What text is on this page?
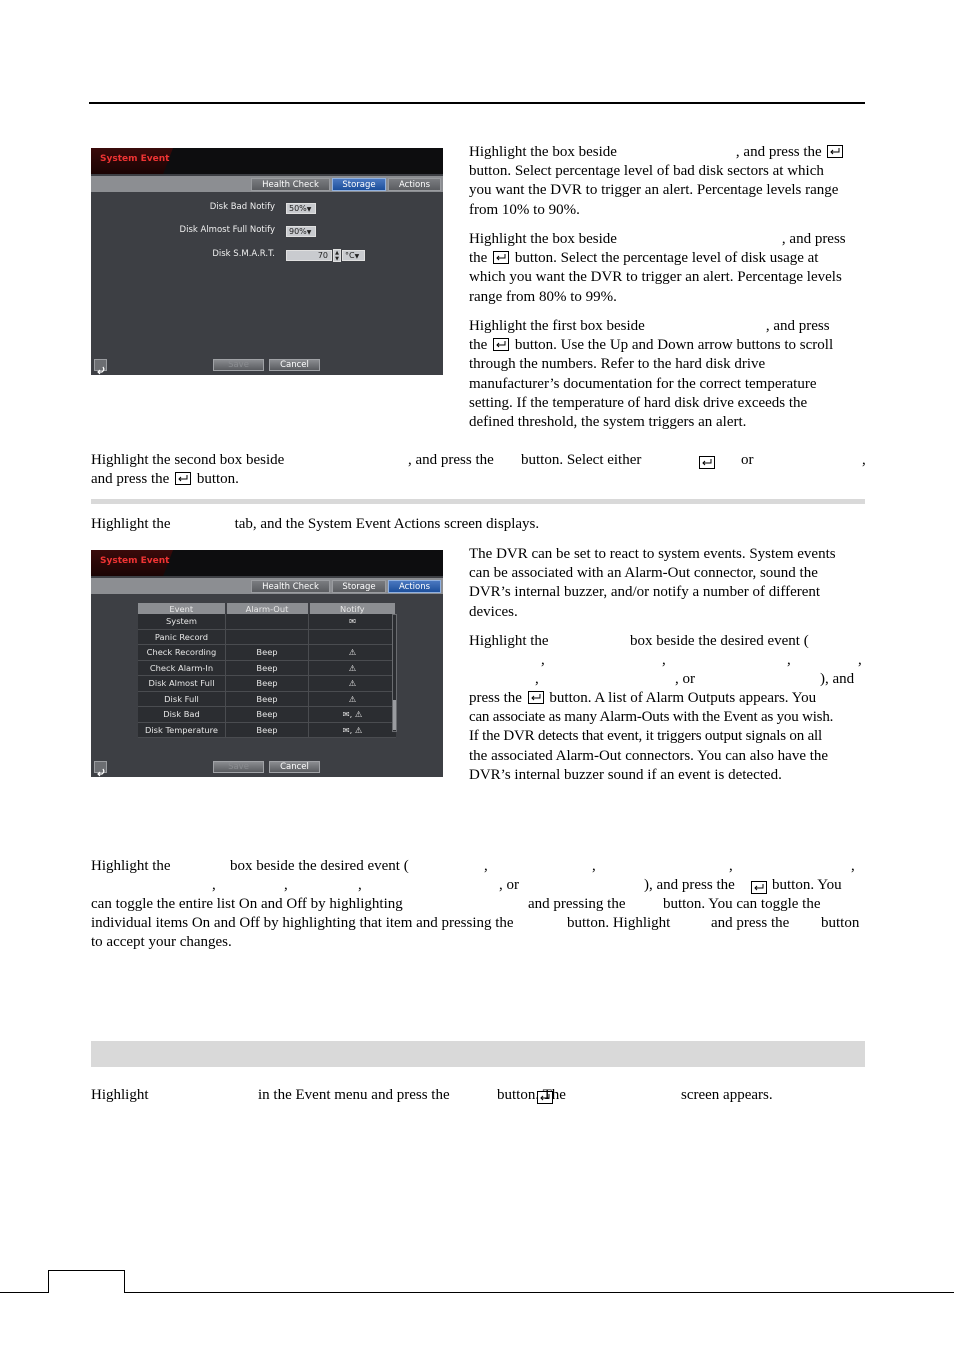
System Event
Health Check	Storage	Actions
Disk Bad Notify	50%▼
Disk Almost Full Notify	90%▼
Disk S.M.A.R.T.	70	▲
▼ °C▼
Save	Cancel
Highlight the box beside	, and press the
button. Select percentage level of bad disk sectors at which
you want the DVR to trigger an alert. Percentage levels range
from 10% to 90%.
Highlight the box beside	, and press
the button. Select the percentage level of disk usage at
which you want the DVR to trigger an alert. Percentage levels
range from 80% to 99%.
Highlight the first box beside	, and press
the button. Use the Up and Down arrow buttons to scroll
through the numbers. Refer to the hard disk drive
manufacturer’s documentation for the correct temperature
setting. If the temperature of hard disk drive exceeds the
defined threshold, the system triggers an alert.
Highlight the second box beside	, and press the button. Select either	or	,
and press the button.
Highlight the	tab, and the System Event Actions screen displays.
System Event
Health Check	Storage	Actions
Event	Alarm-Out	Notify
System		✉
Panic Record		
Check Recording	Beep	⚠
Check Alarm-In	Beep	⚠
Disk Almost Full	Beep	⚠
Disk Full	Beep	⚠
Disk Bad	Beep	✉, ⚠
Disk Temperature	Beep	✉, ⚠
Save	Cancel
The DVR can be set to react to system events. System events
can be associated with an Alarm-Out connector, sound the
DVR’s internal buzzer, and/or notify a number of different
devices.
Highlight the	box beside the desired event (
,	,	,	,
,	, or	), and
press the button. A list of Alarm Outputs appears. You
can associate as many Alarm-Outs with the Event as you wish.
If the DVR detects that event, it triggers output signals on all
the associated Alarm-Out connectors. You can also have the
DVR’s internal buzzer sound if an event is detected.
Highlight the	box beside the desired event (	,	,	,	,
,	,	,	, or	), and press the button. You
can toggle the entire list On and Off by highlighting	and pressing the	button. You can toggle the
individual items On and Off by highlighting that item and pressing the
	button. Highlight	and press the button
to accept your changes.
Highlight	in the Event menu and press the	button. The	screen appears.
